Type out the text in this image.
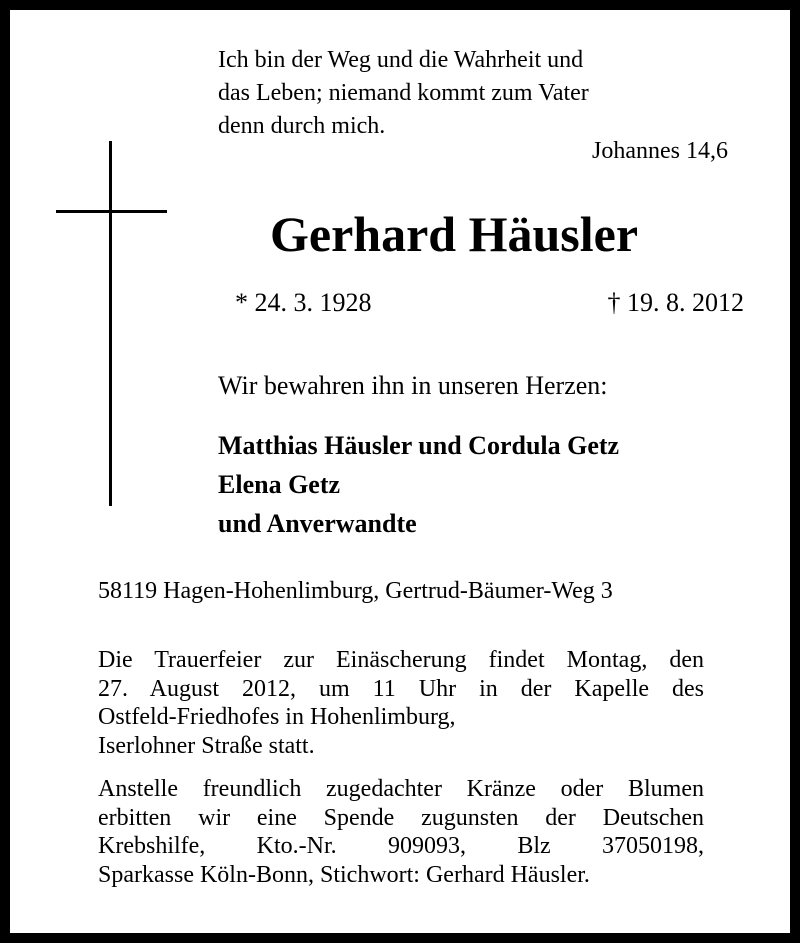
Ich bin der Weg und die Wahrheit und
das Leben; niemand kommt zum Vater
denn durch mich.
Johannes 14,6
Gerhard Häusler
* 24. 3. 1928	† 19. 8. 2012
Wir bewahren ihn in unseren Herzen:
Matthias Häusler und Cordula Getz
Elena Getz
und Anverwandte
58119 Hagen-Hohenlimburg, Gertrud-Bäumer-Weg 3
Die Trauerfeier zur Einäscherung findet Montag, den
27. August 2012, um 11 Uhr in der Kapelle des
Ostfeld-Friedhofes in Hohenlimburg,
Iserlohner Straße statt.
Anstelle freundlich zugedachter Kränze oder Blumen
erbitten wir eine Spende zugunsten der Deutschen
Krebshilfe, Kto.-Nr. 909093, Blz 37050198,
Sparkasse Köln-Bonn, Stichwort: Gerhard Häusler.
